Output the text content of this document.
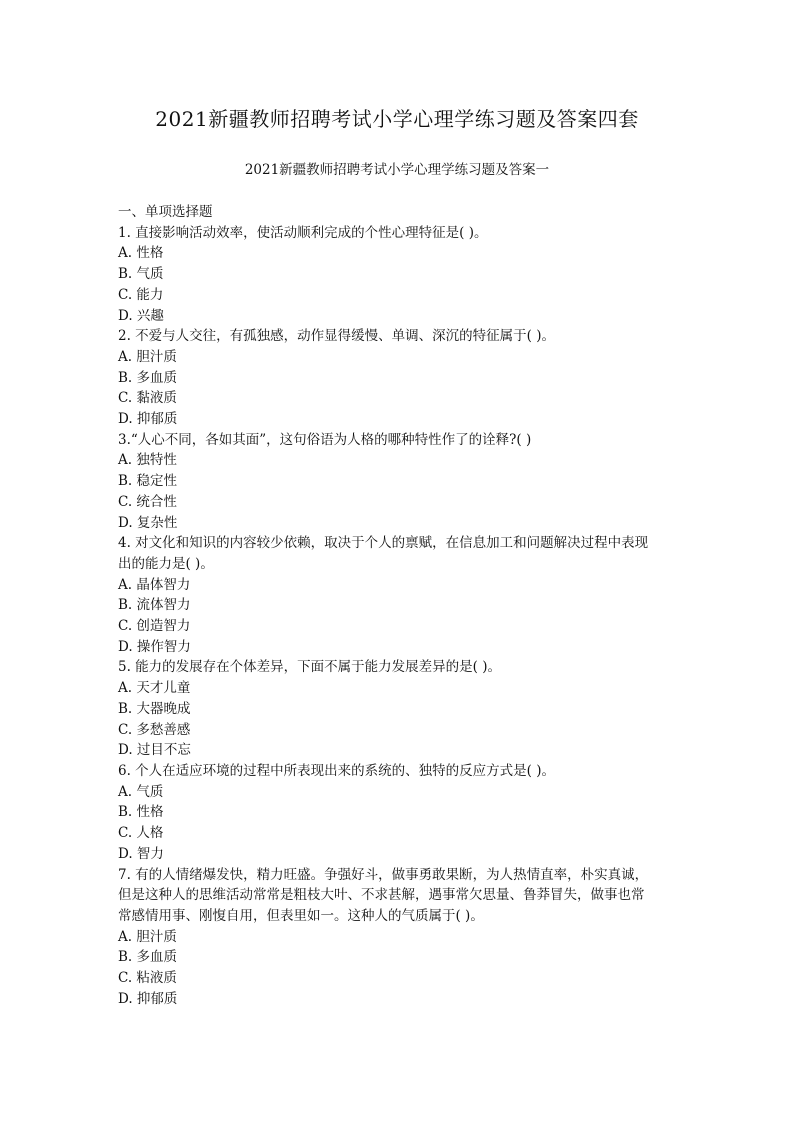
2021新疆教师招聘考试小学心理学练习题及答案四套
2021新疆教师招聘考试小学心理学练习题及答案一
一、单项选择题
1. 直接影响活动效率，使活动顺利完成的个性心理特征是( )。
A. 性格
B. 气质
C. 能力
D. 兴趣
2. 不爱与人交往，有孤独感，动作显得缓慢、单调、深沉的特征属于( )。
A. 胆汁质
B. 多血质
C. 黏液质
D. 抑郁质
3.“人心不同，各如其面”，这句俗语为人格的哪种特性作了的诠释?( )
A. 独特性
B. 稳定性
C. 统合性
D. 复杂性
4. 对文化和知识的内容较少依赖，取决于个人的禀赋，在信息加工和问题解决过程中表现
出的能力是( )。
A. 晶体智力
B. 流体智力
C. 创造智力
D. 操作智力
5. 能力的发展存在个体差异，下面不属于能力发展差异的是( )。
A. 天才儿童
B. 大器晚成
C. 多愁善感
D. 过目不忘
6. 个人在适应环境的过程中所表现出来的系统的、独特的反应方式是( )。
A. 气质
B. 性格
C. 人格
D. 智力
7. 有的人情绪爆发快，精力旺盛。争强好斗，做事勇敢果断，为人热情直率，朴实真诚，
但是这种人的思维活动常常是粗枝大叶、不求甚解，遇事常欠思量、鲁莽冒失，做事也常
常感情用事、刚愎自用，但表里如一。这种人的气质属于( )。
A. 胆汁质
B. 多血质
C. 粘液质
D. 抑郁质
